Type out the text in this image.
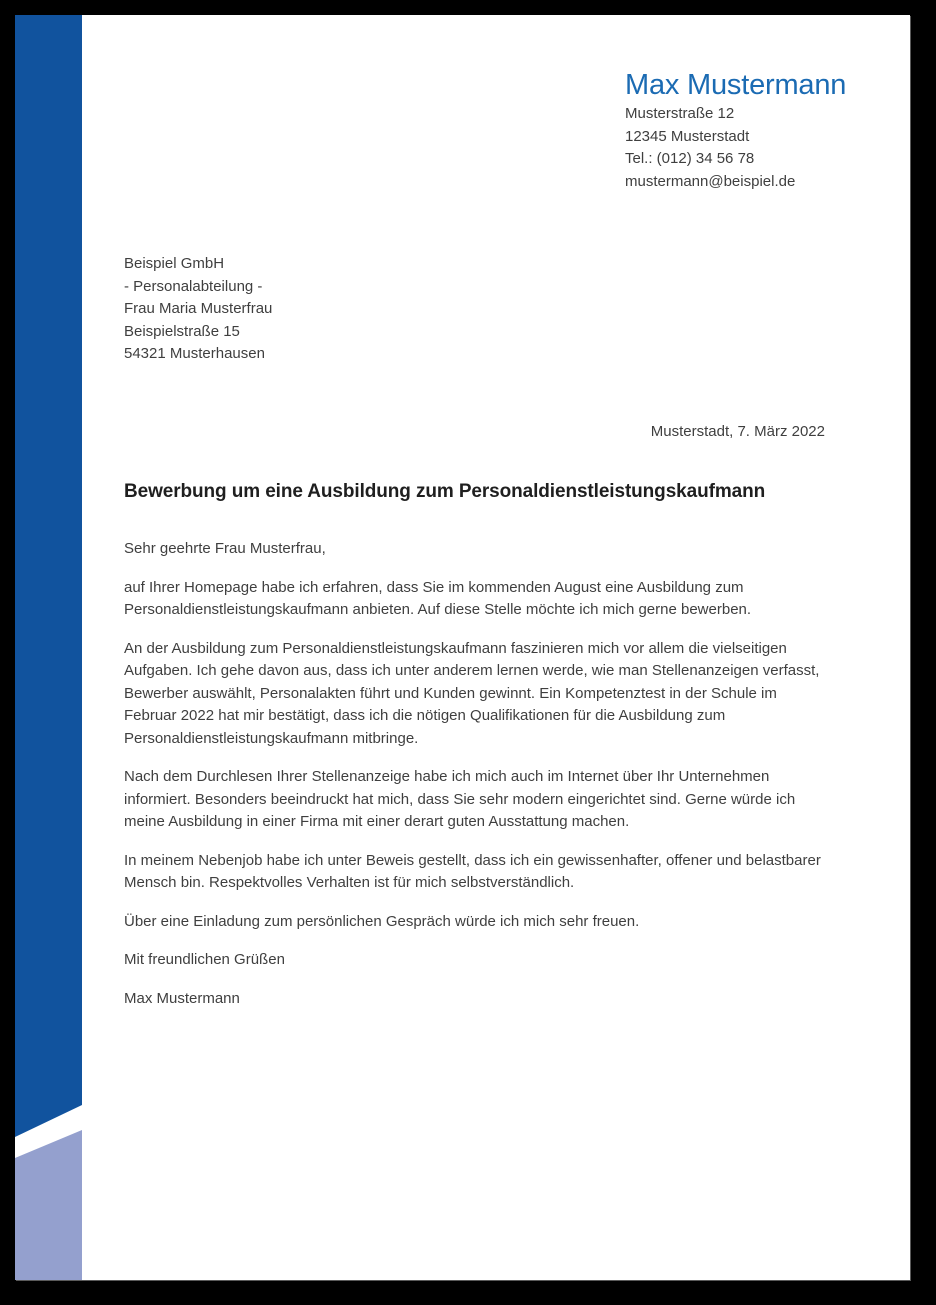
Max Mustermann
Musterstraße 12
12345 Musterstadt
Tel.: (012) 34 56 78
mustermann@beispiel.de
Beispiel GmbH
- Personalabteilung -
Frau Maria Musterfrau
Beispielstraße 15
54321 Musterhausen
Musterstadt, 7. März 2022
Bewerbung um eine Ausbildung zum Personaldienstleistungskaufmann

Sehr geehrte Frau Musterfrau,

auf Ihrer Homepage habe ich erfahren, dass Sie im kommenden August eine Ausbildung zum Personaldienstleistungskaufmann anbieten. Auf diese Stelle möchte ich mich gerne bewerben.

An der Ausbildung zum Personaldienstleistungskaufmann faszinieren mich vor allem die vielseitigen Aufgaben. Ich gehe davon aus, dass ich unter anderem lernen werde, wie man Stellenanzeigen verfasst, Bewerber auswählt, Personalakten führt und Kunden gewinnt. Ein Kompetenztest in der Schule im Februar 2022 hat mir bestätigt, dass ich die nötigen Qualifikationen für die Ausbildung zum Personaldienstleistungskaufmann mitbringe.

Nach dem Durchlesen Ihrer Stellenanzeige habe ich mich auch im Internet über Ihr Unternehmen informiert. Besonders beeindruckt hat mich, dass Sie sehr modern eingerichtet sind. Gerne würde ich meine Ausbildung in einer Firma mit einer derart guten Ausstattung machen.

In meinem Nebenjob habe ich unter Beweis gestellt, dass ich ein gewissenhafter, offener und belastbarer Mensch bin. Respektvolles Verhalten ist für mich selbstverständlich.

Über eine Einladung zum persönlichen Gespräch würde ich mich sehr freuen.

Mit freundlichen Grüßen

Max Mustermann
